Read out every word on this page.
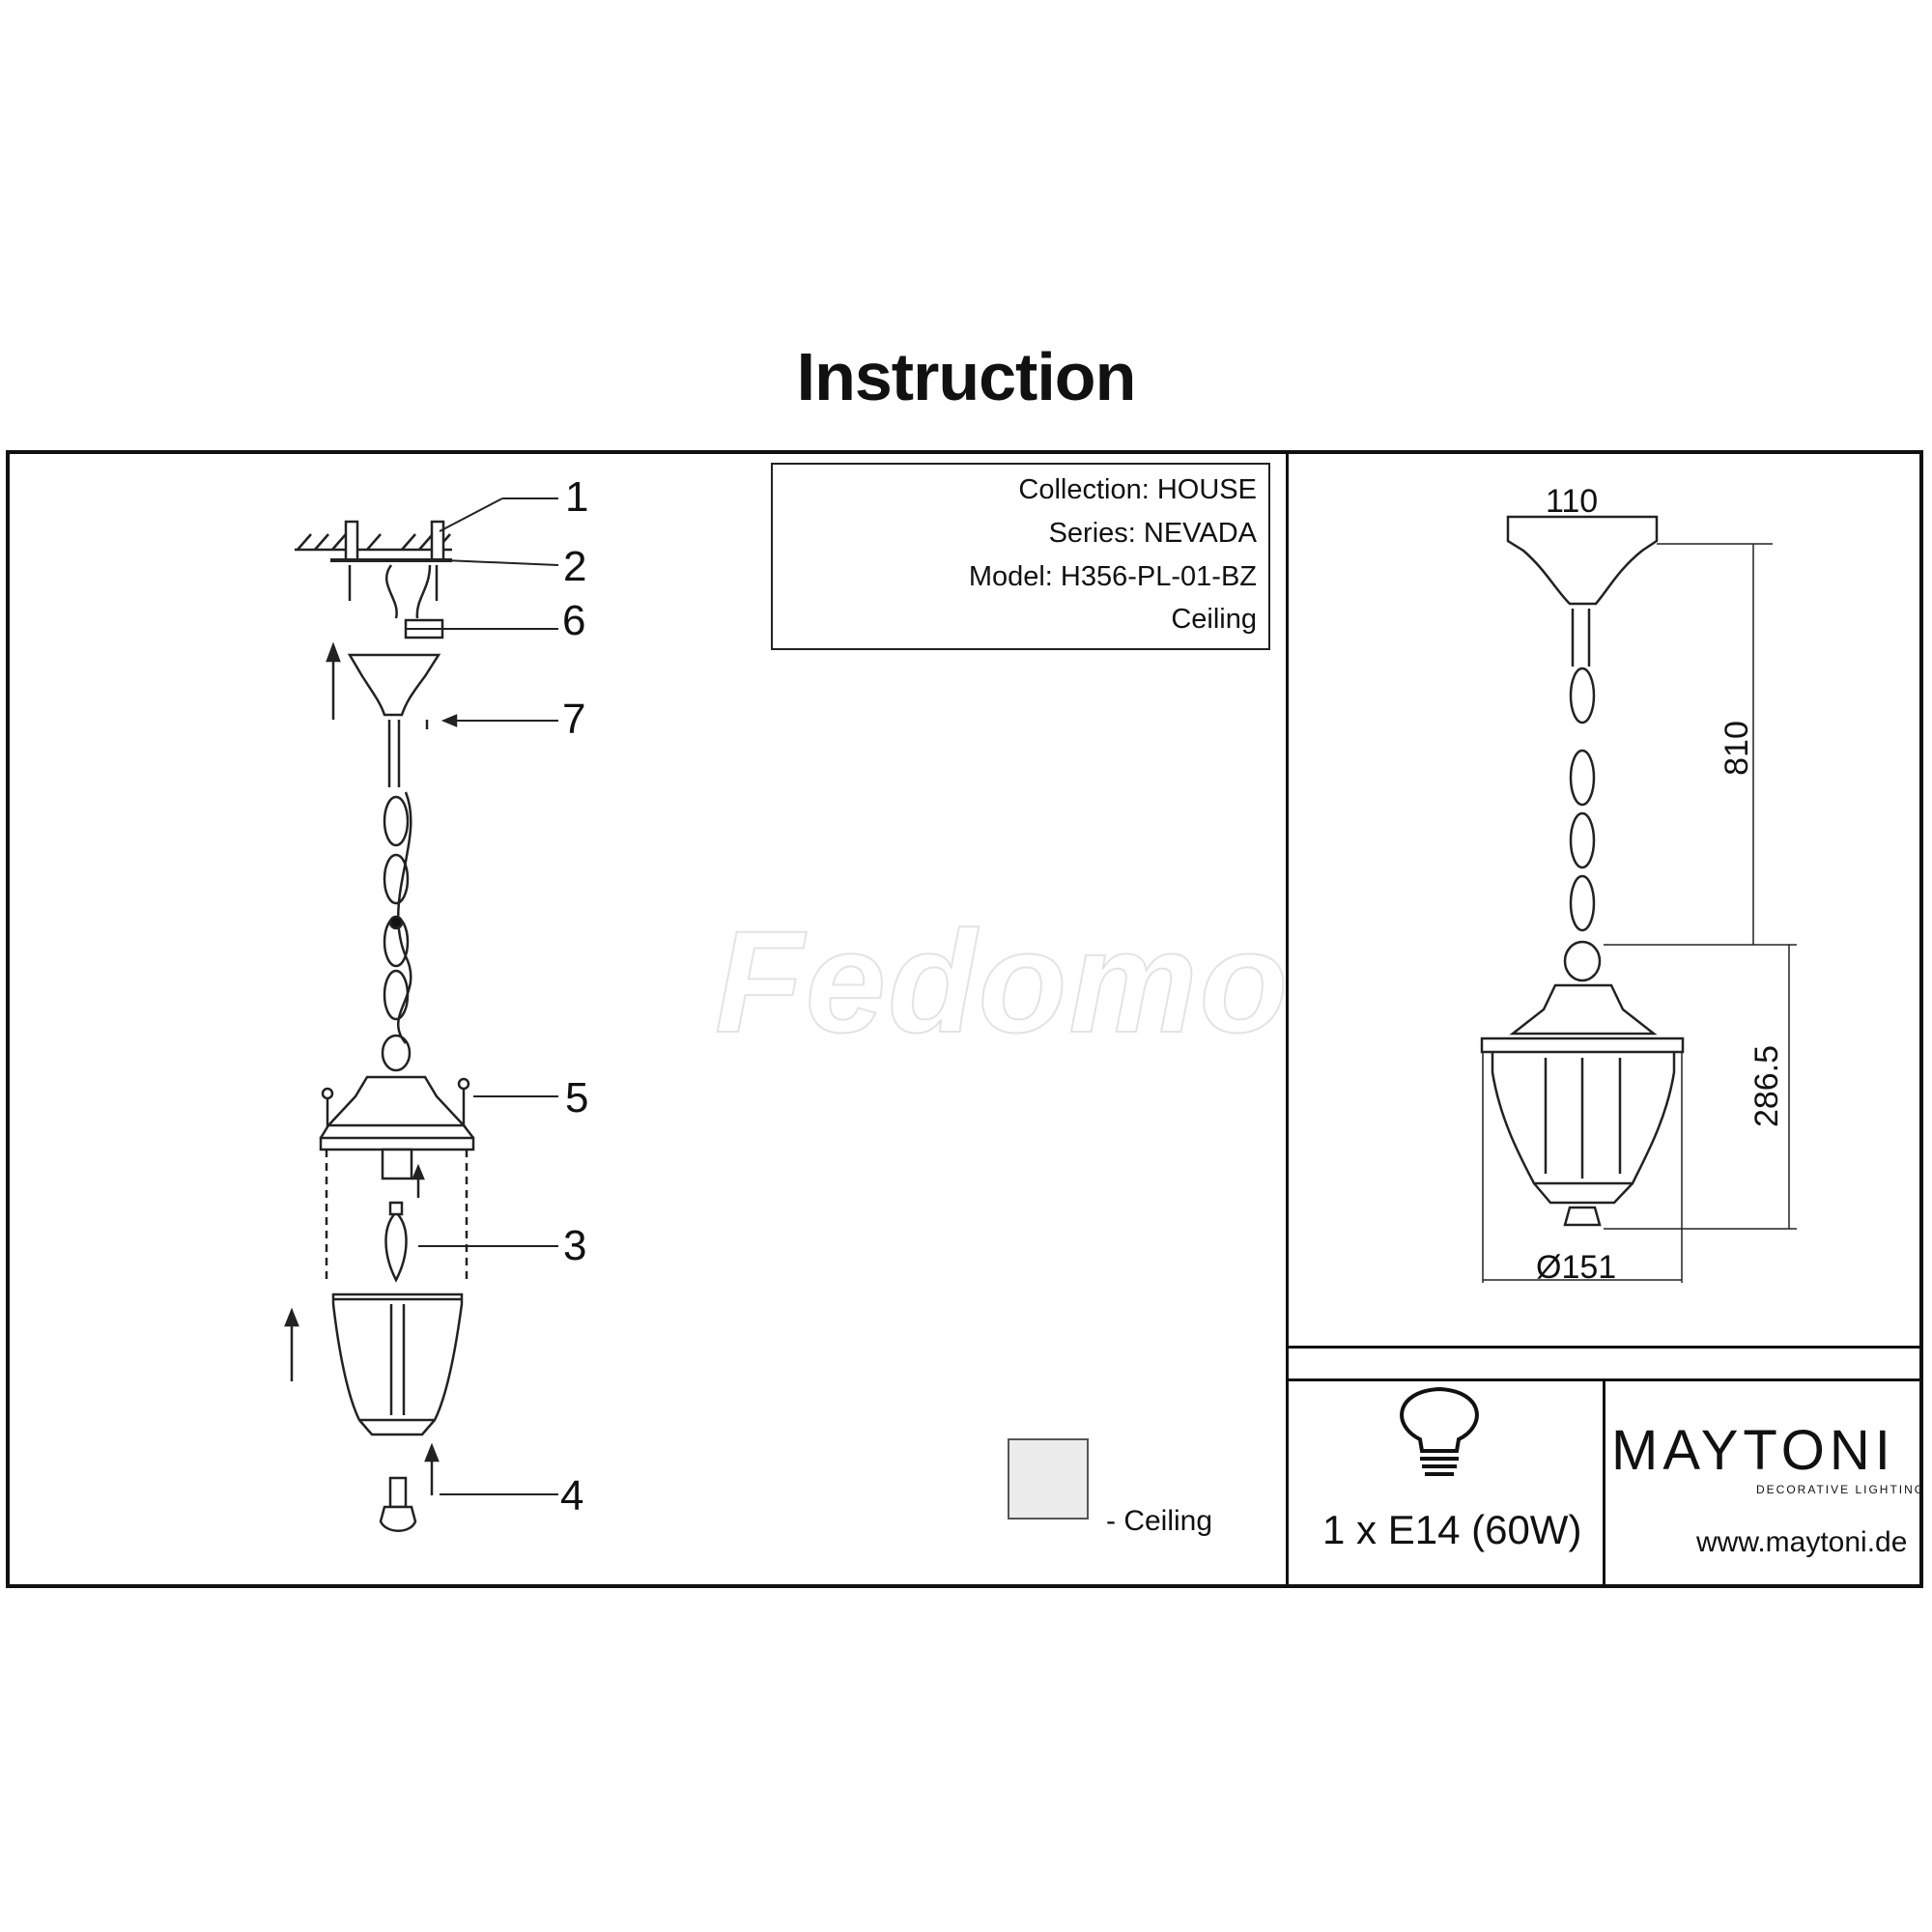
Instruction
Collection: HOUSE
Series: NEVADA
Model: H356-PL-01-BZ
Ceiling
Fedomo
1
2
6
7
5
3
4
110
810
286.5
Ø151
- Ceiling	1 x E14 (60W)
MAYTONI
DECORATIVE LIGHTING
www.maytoni.de
